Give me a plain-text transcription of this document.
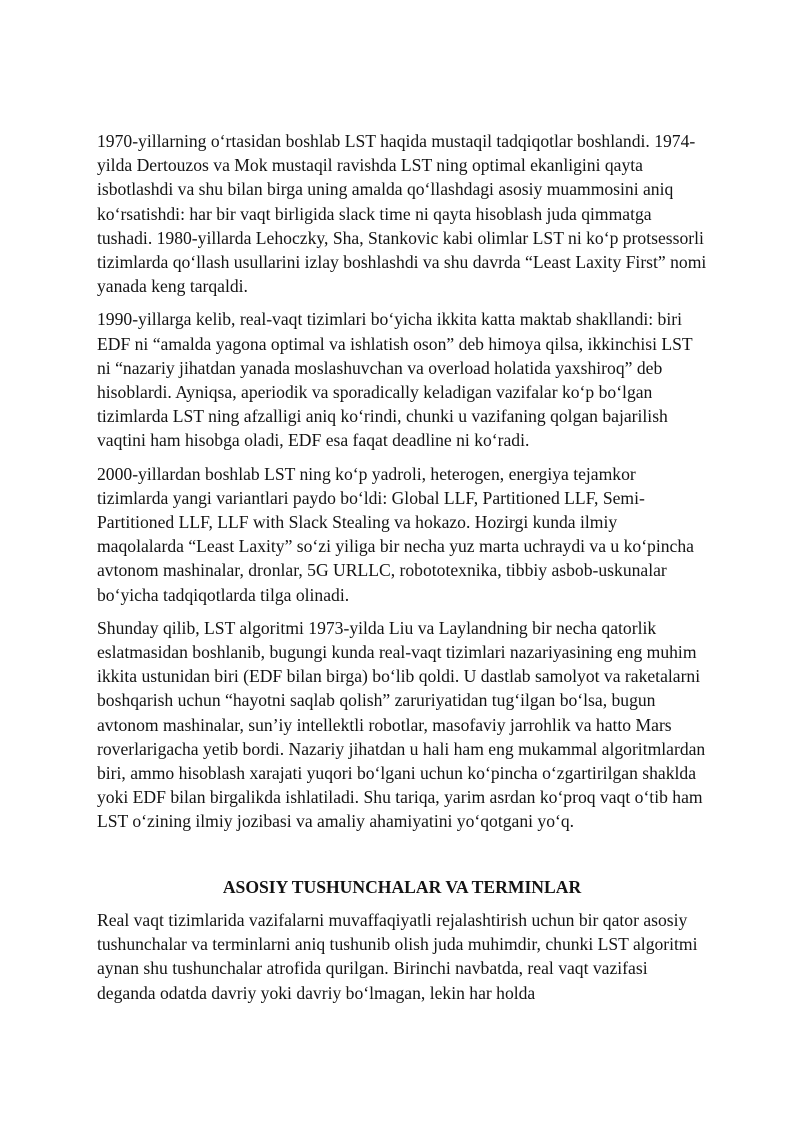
1970-yillarning o‘rtasidan boshlab LST haqida mustaqil tadqiqotlar boshlandi. 1974-yilda Dertouzos va Mok mustaqil ravishda LST ning optimal ekanligini qayta isbotlashdi va shu bilan birga uning amalda qo‘llashdagi asosiy muammosini aniq ko‘rsatishdi: har bir vaqt birligida slack time ni qayta hisoblash juda qimmatga tushadi. 1980-yillarda Lehoczky, Sha, Stankovic kabi olimlar LST ni ko‘p protsessorli tizimlarda qo‘llash usullarini izlay boshlashdi va shu davrda “Least Laxity First” nomi yanada keng tarqaldi.

1990-yillarga kelib, real-vaqt tizimlari bo‘yicha ikkita katta maktab shakllandi: biri EDF ni “amalda yagona optimal va ishlatish oson” deb himoya qilsa, ikkinchisi LST ni “nazariy jihatdan yanada moslashuvchan va overload holatida yaxshiroq” deb hisoblardi. Ayniqsa, aperiodik va sporadically keladigan vazifalar ko‘p bo‘lgan tizimlarda LST ning afzalligi aniq ko‘rindi, chunki u vazifaning qolgan bajarilish vaqtini ham hisobga oladi, EDF esa faqat deadline ni ko‘radi.

2000-yillardan boshlab LST ning ko‘p yadroli, heterogen, energiya tejamkor tizimlarda yangi variantlari paydo bo‘ldi: Global LLF, Partitioned LLF, Semi-Partitioned LLF, LLF with Slack Stealing va hokazo. Hozirgi kunda ilmiy maqolalarda “Least Laxity” so‘zi yiliga bir necha yuz marta uchraydi va u ko‘pincha avtonom mashinalar, dronlar, 5G URLLC, robototexnika, tibbiy asbob-uskunalar bo‘yicha tadqiqotlarda tilga olinadi.

Shunday qilib, LST algoritmi 1973-yilda Liu va Laylandning bir necha qatorlik eslatmasidan boshlanib, bugungi kunda real-vaqt tizimlari nazariyasining eng muhim ikkita ustunidan biri (EDF bilan birga) bo‘lib qoldi. U dastlab samolyot va raketalarni boshqarish uchun “hayotni saqlab qolish” zaruriyatidan tug‘ilgan bo‘lsa, bugun avtonom mashinalar, sun’iy intellektli robotlar, masofaviy jarrohlik va hatto Mars roverlarigacha yetib bordi. Nazariy jihatdan u hali ham eng mukammal algoritmlardan biri, ammo hisoblash xarajati yuqori bo‘lgani uchun ko‘pincha o‘zgartirilgan shaklda yoki EDF bilan birgalikda ishlatiladi. Shu tariqa, yarim asrdan ko‘proq vaqt o‘tib ham LST o‘zining ilmiy jozibasi va amaliy ahamiyatini yo‘qotgani yo‘q.

ASOSIY TUSHUNCHALAR VA TERMINLAR

Real vaqt tizimlarida vazifalarni muvaffaqiyatli rejalashtirish uchun bir qator asosiy tushunchalar va terminlarni aniq tushunib olish juda muhimdir, chunki LST algoritmi aynan shu tushunchalar atrofida qurilgan. Birinchi navbatda, real vaqt vazifasi deganda odatda davriy yoki davriy bo‘lmagan, lekin har holda
